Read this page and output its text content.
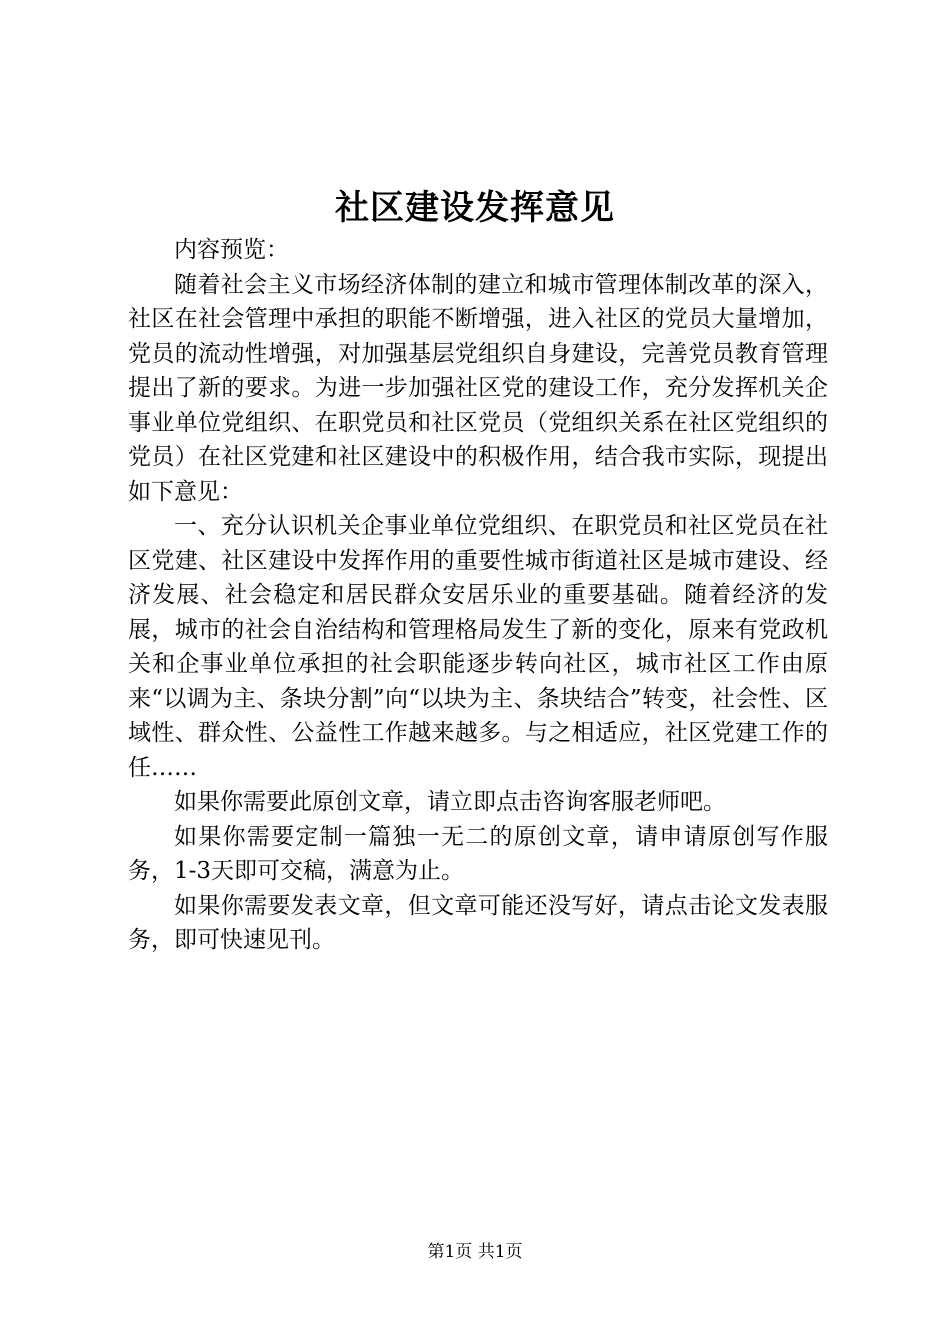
社区建设发挥意见

内容预览：

随着社会主义市场经济体制的建立和城市管理体制改革的深入，社区在社会管理中承担的职能不断增强，进入社区的党员大量增加，党员的流动性增强，对加强基层党组织自身建设，完善党员教育管理提出了新的要求。为进一步加强社区党的建设工作，充分发挥机关企事业单位党组织、在职党员和社区党员（党组织关系在社区党组织的党员）在社区党建和社区建设中的积极作用，结合我市实际，现提出如下意见：

一、充分认识机关企事业单位党组织、在职党员和社区党员在社区党建、社区建设中发挥作用的重要性城市街道社区是城市建设、经济发展、社会稳定和居民群众安居乐业的重要基础。随着经济的发展，城市的社会自治结构和管理格局发生了新的变化，原来有党政机关和企事业单位承担的社会职能逐步转向社区，城市社区工作由原来“以调为主、条块分割”向“以块为主、条块结合”转变，社会性、区域性、群众性、公益性工作越来越多。与之相适应，社区党建工作的任……

如果你需要此原创文章，请立即点击咨询客服老师吧。

如果你需要定制一篇独一无二的原创文章，请申请原创写作服务，1-3天即可交稿，满意为止。

如果你需要发表文章，但文章可能还没写好，请点击论文发表服务，即可快速见刊。

第1页 共1页
